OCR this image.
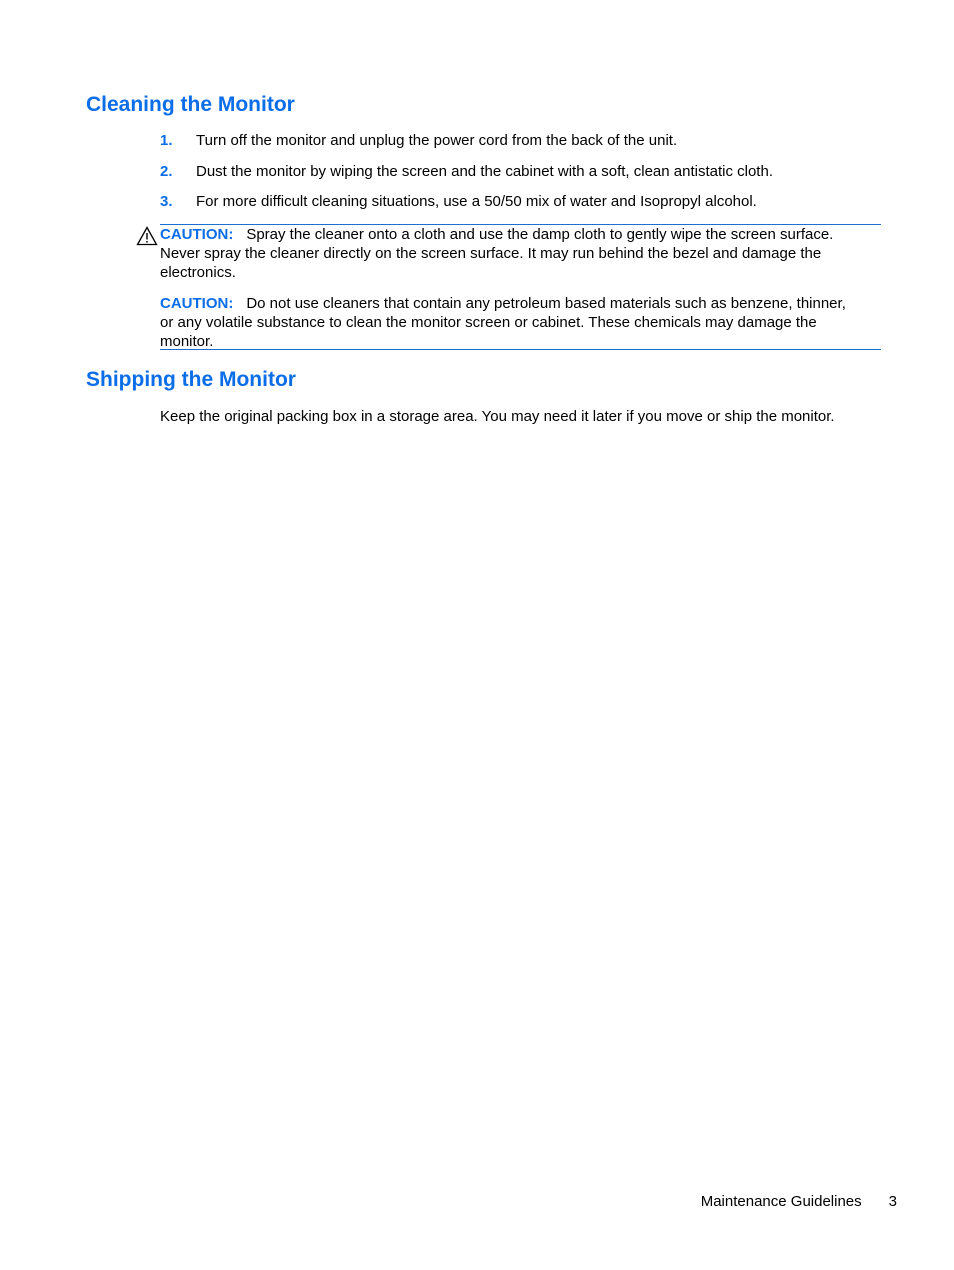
Cleaning the Monitor
1. Turn off the monitor and unplug the power cord from the back of the unit.
2. Dust the monitor by wiping the screen and the cabinet with a soft, clean antistatic cloth.
3. For more difficult cleaning situations, use a 50/50 mix of water and Isopropyl alcohol.

CAUTION: Spray the cleaner onto a cloth and use the damp cloth to gently wipe the screen surface. Never spray the cleaner directly on the screen surface. It may run behind the bezel and damage the electronics.

CAUTION: Do not use cleaners that contain any petroleum based materials such as benzene, thinner, or any volatile substance to clean the monitor screen or cabinet. These chemicals may damage the monitor.

Shipping the Monitor

Keep the original packing box in a storage area. You may need it later if you move or ship the monitor.

Maintenance Guidelines 3
